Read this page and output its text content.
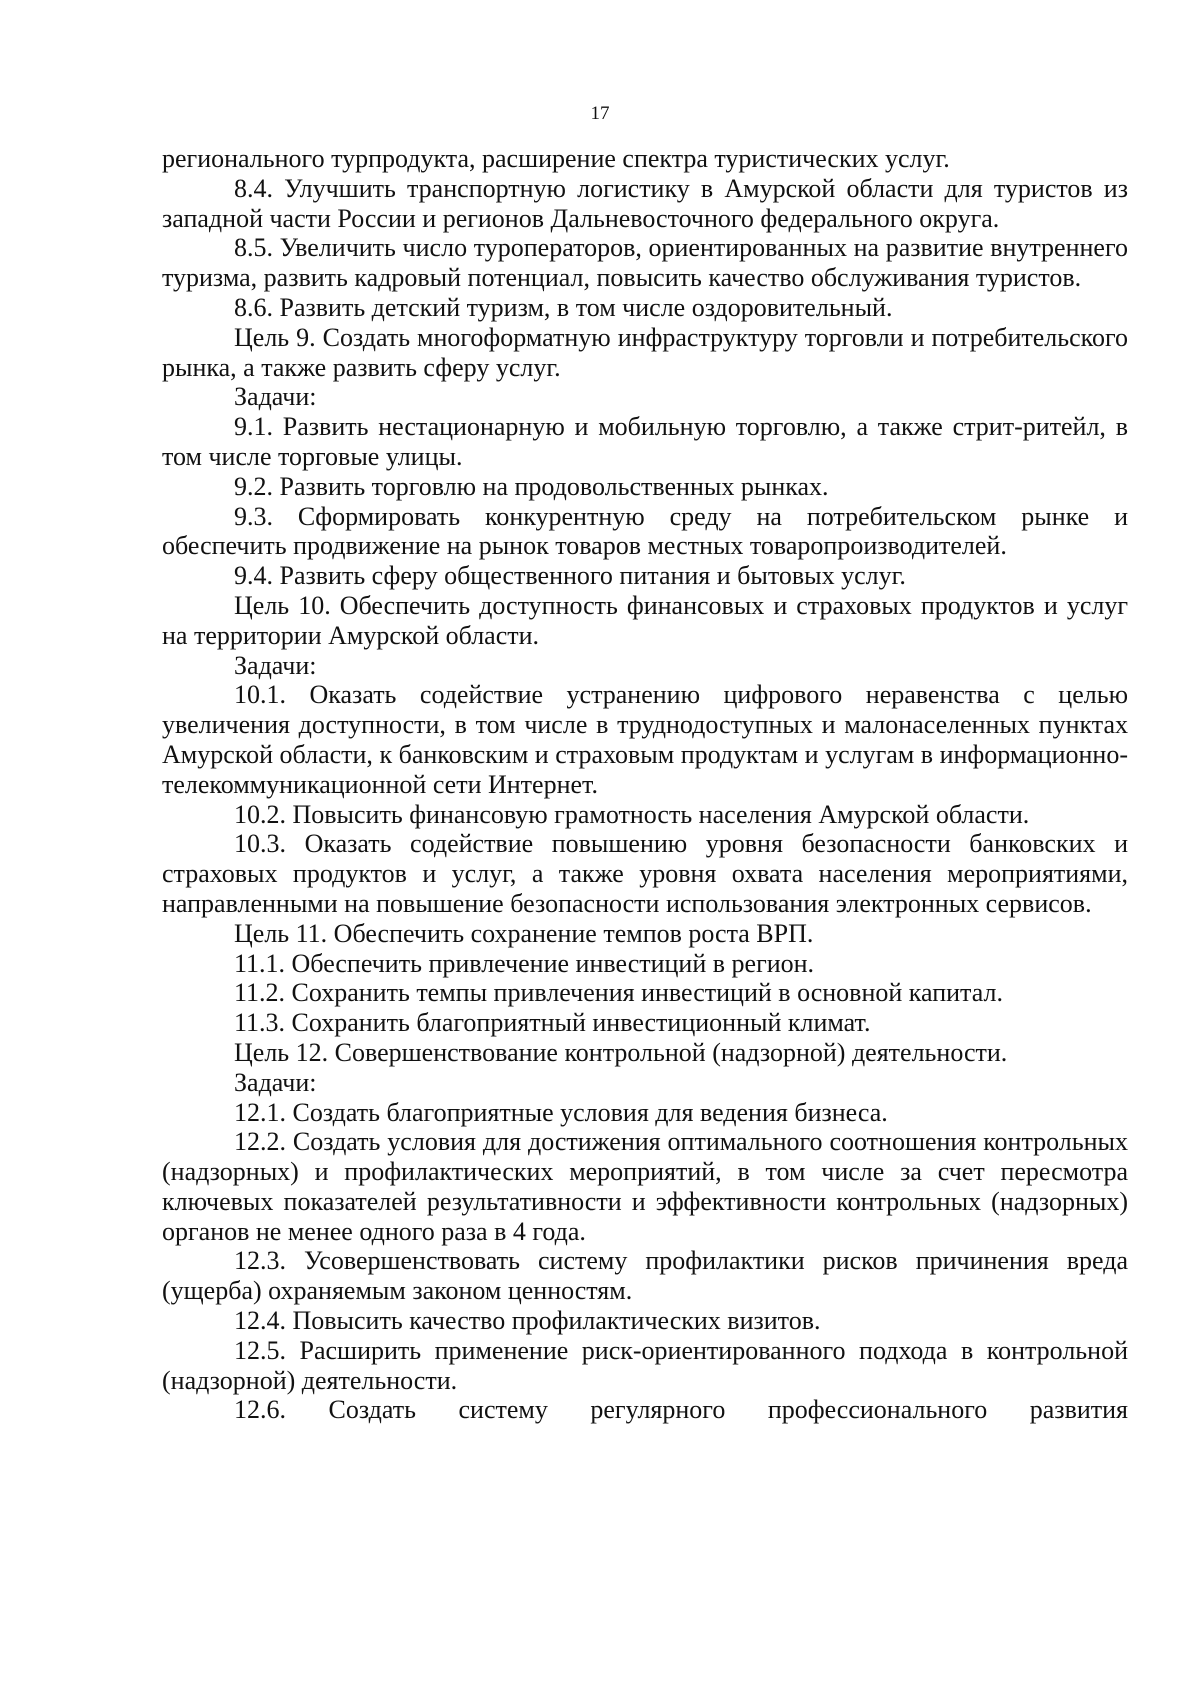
17

регионального турпродукта, расширение спектра туристических услуг.

8.4. Улучшить транспортную логистику в Амурской области для туристов из западной части России и регионов Дальневосточного федерального округа.

8.5. Увеличить число туроператоров, ориентированных на развитие внутреннего туризма, развить кадровый потенциал, повысить качество обслуживания туристов.

8.6. Развить детский туризм, в том числе оздоровительный.

Цель 9. Создать многоформатную инфраструктуру торговли и потребительского рынка, а также развить сферу услуг.

Задачи:

9.1. Развить нестационарную и мобильную торговлю, а также стрит-ритейл, в том числе торговые улицы.

9.2. Развить торговлю на продовольственных рынках.

9.3. Сформировать конкурентную среду на потребительском рынке и обеспечить продвижение на рынок товаров местных товаропроизводителей.

9.4. Развить сферу общественного питания и бытовых услуг.

Цель 10. Обеспечить доступность финансовых и страховых продуктов и услуг на территории Амурской области.

Задачи:

10.1. Оказать содействие устранению цифрового неравенства с целью увеличения доступности, в том числе в труднодоступных и малонаселенных пунктах Амурской области, к банковским и страховым продуктам и услугам в информационно-телекоммуникационной сети Интернет.

10.2. Повысить финансовую грамотность населения Амурской области.

10.3. Оказать содействие повышению уровня безопасности банковских и страховых продуктов и услуг, а также уровня охвата населения мероприятиями, направленными на повышение безопасности использования электронных сервисов.

Цель 11. Обеспечить сохранение темпов роста ВРП.

11.1. Обеспечить привлечение инвестиций в регион.

11.2. Сохранить темпы привлечения инвестиций в основной капитал.

11.3. Сохранить благоприятный инвестиционный климат.

Цель 12. Совершенствование контрольной (надзорной) деятельности.

Задачи:

12.1. Создать благоприятные условия для ведения бизнеса.

12.2. Создать условия для достижения оптимального соотношения контрольных (надзорных) и профилактических мероприятий, в том числе за счет пересмотра ключевых показателей результативности и эффективности контрольных (надзорных) органов не менее одного раза в 4 года.

12.3. Усовершенствовать систему профилактики рисков причинения вреда (ущерба) охраняемым законом ценностям.

12.4. Повысить качество профилактических визитов.

12.5. Расширить применение риск-ориентированного подхода в контрольной (надзорной) деятельности.

12.6. Создать систему регулярного профессионального развития
